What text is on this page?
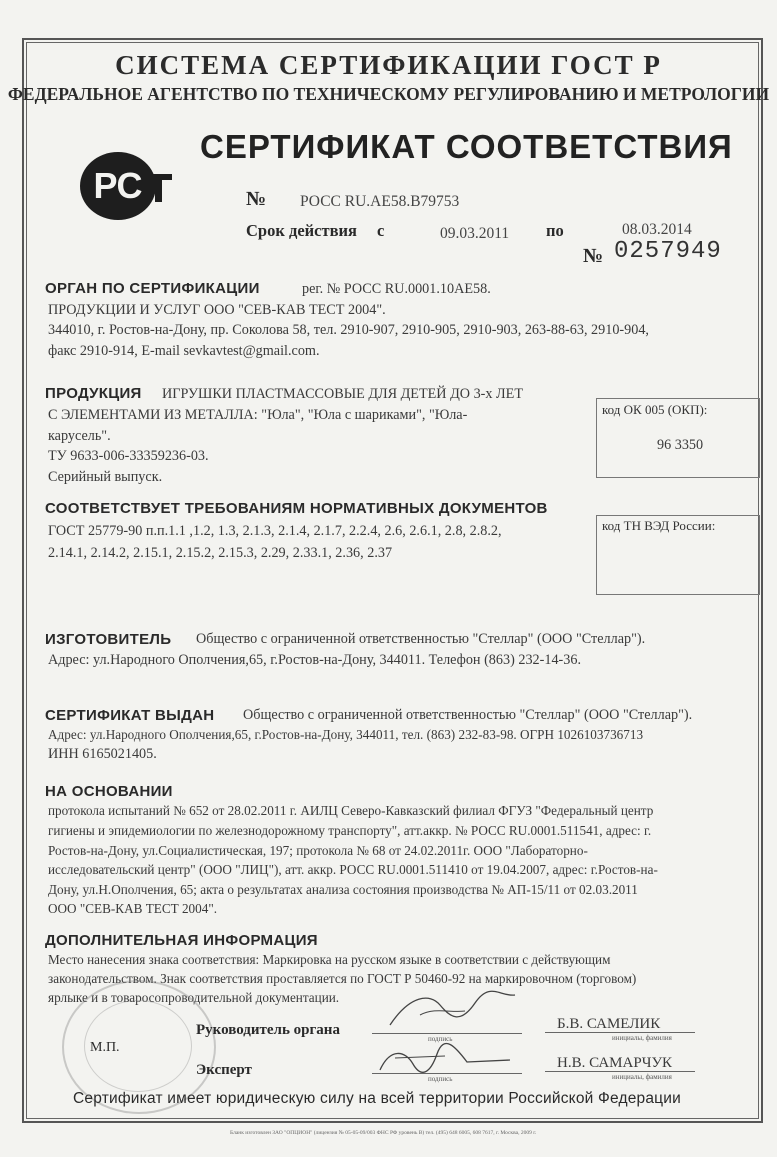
СИСТЕМА СЕРТИФИКАЦИИ ГОСТ Р
ФЕДЕРАЛЬНОЕ АГЕНТСТВО ПО ТЕХНИЧЕСКОМУ РЕГУЛИРОВАНИЮ И МЕТРОЛОГИИ
РС
СЕРТИФИКАТ СООТВЕТСТВИЯ
№ РОСС RU.АЕ58.В79753
Срок действия с	09.03.2011 по	08.03.2014
№ 0257949
ОРГАН ПО СЕРТИФИКАЦИИ	рег. № РОСС RU.0001.10АЕ58.
ПРОДУКЦИИ И УСЛУГ ООО "СЕВ-КАВ ТЕСТ 2004".
344010, г. Ростов-на-Дону, пр. Соколова 58, тел. 2910-907, 2910-905, 2910-903, 263-88-63, 2910-904,
факс 2910-914, E-mail sevkavtest@gmail.com.
ПРОДУКЦИЯ ИГРУШКИ ПЛАСТМАССОВЫЕ ДЛЯ ДЕТЕЙ ДО 3-х ЛЕТ
С ЭЛЕМЕНТАМИ ИЗ МЕТАЛЛА: "Юла", "Юла с шариками", "Юла-
карусель".
ТУ 9633-006-33359236-03.
Серийный выпуск.
код ОК 005 (ОКП):
96 3350
СООТВЕТСТВУЕТ ТРЕБОВАНИЯМ НОРМАТИВНЫХ ДОКУМЕНТОВ
ГОСТ 25779-90 п.п.1.1 ,1.2, 1.3, 2.1.3, 2.1.4, 2.1.7, 2.2.4, 2.6, 2.6.1, 2.8, 2.8.2,
2.14.1, 2.14.2, 2.15.1, 2.15.2, 2.15.3, 2.29, 2.33.1, 2.36, 2.37
код ТН ВЭД России:
ИЗГОТОВИТЕЛЬ Общество с ограниченной ответственностью "Стеллар" (ООО "Стеллар").
Адрес: ул.Народного Ополчения,65, г.Ростов-на-Дону, 344011. Телефон (863) 232-14-36.
СЕРТИФИКАТ ВЫДАН Общество с ограниченной ответственностью "Стеллар" (ООО "Стеллар").
Адрес: ул.Народного Ополчения,65, г.Ростов-на-Дону, 344011, тел. (863) 232-83-98. ОГРН 1026103736713
ИНН 6165021405.
НА ОСНОВАНИИ
протокола испытаний № 652 от 28.02.2011 г. АИЛЦ Северо-Кавказский филиал ФГУЗ "Федеральный центр
гигиены и эпидемиологии по железнодорожному транспорту", атт.аккр. № РОСС RU.0001.511541, адрес: г.
Ростов-на-Дону, ул.Социалистическая, 197; протокола № 68 от 24.02.2011г. ООО "Лабораторно-
исследовательский центр" (ООО "ЛИЦ"), атт. аккр. РОСС RU.0001.511410 от 19.04.2007, адрес: г.Ростов-на-
Дону, ул.Н.Ополчения, 65; акта о результатах анализа состояния производства № АП-15/11 от 02.03.2011
ООО "СЕВ-КАВ ТЕСТ 2004".
ДОПОЛНИТЕЛЬНАЯ ИНФОРМАЦИЯ
Место нанесения знака соответствия: Маркировка на русском языке в соответствии с действующим
законодательством. Знак соответствия проставляется по ГОСТ Р 50460-92 на маркировочном (торговом)
ярлыке и в товаросопроводительной документации.
М.П.
Руководитель органа
подпись
Б.В. САМЕЛИК
инициалы, фамилия
Эксперт
подпись
Н.В. САМАРЧУК
инициалы, фамилия
Сертификат имеет юридическую силу на всей территории Российской Федерации
Бланк изготовлен ЗАО "ОПЦИОН" (лицензия № 05-05-09/003 ФНС РФ уровень В) тел. (495) 648 6005, 608 7617, г. Москва, 2009 г.
